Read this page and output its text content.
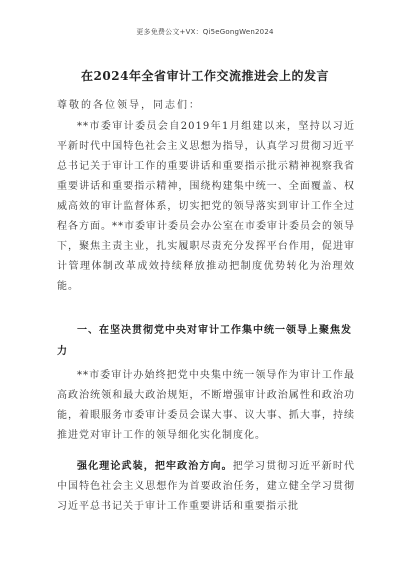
更多免费公文+VX：Qi5eGongWen2024
在2024年全省审计工作交流推进会上的发言
尊敬的各位领导，同志们：
**市委审计委员会自2019年1月组建以来，坚持以习近平新时代中国特色社会主义思想为指导，认真学习贯彻习近平总书记关于审计工作的重要讲话和重要指示批示精神视察我省重要讲话和重要指示精神，围绕构建集中统一、全面覆盖、权威高效的审计监督体系，切实把党的领导落实到审计工作全过程各方面。**市委审计委员会办公室在市委审计委员会的领导下，聚焦主责主业，扎实履职尽责充分发挥平台作用，促进审计管理体制改革成效持续释放推动把制度优势转化为治理效能。
一、在坚决贯彻党中央对审计工作集中统一领导上聚焦发力
**市委审计办始终把党中央集中统一领导作为审计工作最高政治统领和最大政治规矩，不断增强审计政治属性和政治功能，着眼服务市委审计委员会谋大事、议大事、抓大事，持续推进党对审计工作的领导细化实化制度化。
强化理论武装，把牢政治方向。把学习贯彻习近平新时代中国特色社会主义思想作为首要政治任务，建立健全学习贯彻习近平总书记关于审计工作重要讲话和重要指示批
